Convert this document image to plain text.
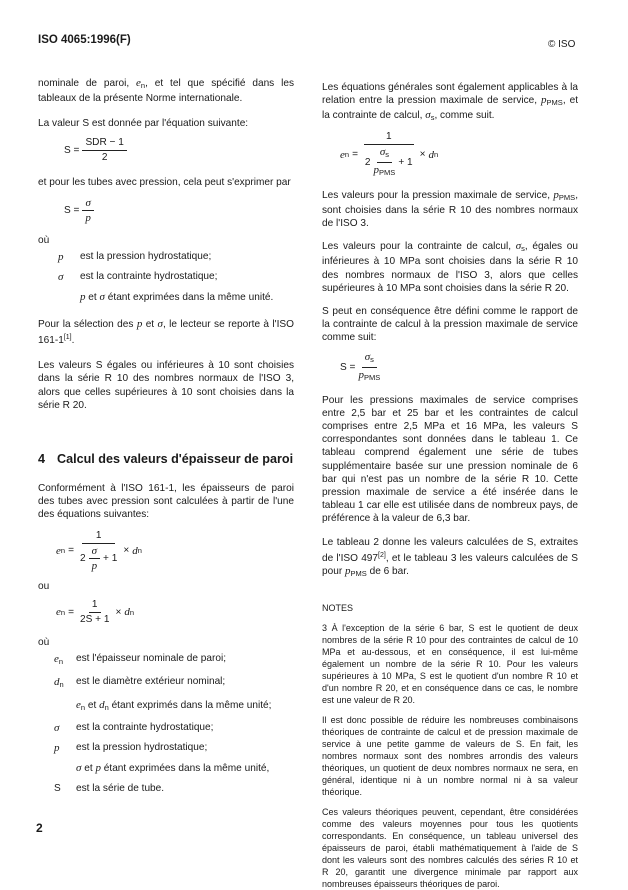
ISO 4065:1996(F)	© ISO

nominale de paroi, $e_n$, et tel que spécifié dans les tableaux de la présente Norme internationale.

La valeur S est donnée par l'équation suivante:

$S = \frac{\text{SDR − 1}}{2}$

et pour les tubes avec pression, cela peut s'exprimer par

$S = \frac{\sigma}{p}$
où
p	est la pression hydrostatique;
σ	est la contrainte hydrostatique;
p et σ étant exprimées dans la même unité.

Pour la sélection des p et σ, le lecteur se reporte à l'ISO 161-1[1].

Les valeurs S égales ou inférieures à 10 sont choisies dans la série R 10 des nombres normaux de l'ISO 3, alors que celles supérieures à 10 sont choisies dans la série R 20.

4 Calcul des valeurs d'épaisseur de paroi

Conformément à l'ISO 161-1, les épaisseurs de paroi des tubes avec pression sont calculées à partir de l'une des équations suivantes:

e $n = \frac{1}{2 \frac{\sigma}{p} + 1} \times d$ n
ou
e $n = \frac{1}{2S + 1} \times d$ n
où
$e_n$	est l'épaisseur nominale de paroi;
$d_n$	est le diamètre extérieur nominal;
$e_n$ et $d_n$ étant exprimés dans la même unité;
σ	est la contrainte hydrostatique;
p	est la pression hydrostatique;
σ et p étant exprimées dans la même unité,
S	est la série de tube.
2

Les équations générales sont également applicables à la relation entre la pression maximale de service, $p_{PMS}$, et la contrainte de calcul, $\sigma_s$, comme suit.

e $n = \frac{1}{2 \frac{\sigma_s}{p_{PMS}} + 1} \times d$ n

Les valeurs pour la pression maximale de service, $p_{PMS}$, sont choisies dans la série R 10 des nombres normaux de l'ISO 3.

Les valeurs pour la contrainte de calcul, $\sigma_s$, égales ou inférieures à 10 MPa sont choisies dans la série R 10 des nombres normaux de l'ISO 3, alors que celles supérieures à 10 MPa sont choisies dans la série R 20.

S peut en conséquence être défini comme le rapport de la contrainte de calcul à la pression maximale de service comme suit:

$S = \frac{\sigma_s}{p_{PMS}}$

Pour les pressions maximales de service comprises entre 2,5 bar et 25 bar et les contraintes de calcul comprises entre 2,5 MPa et 16 MPa, les valeurs S correspondantes sont données dans le tableau 1. Ce tableau comprend également une série de tubes supplémentaire basée sur une pression nominale de 6 bar qui n'est pas un nombre de la série R 10. Cette pression maximale de service a été insérée dans le tableau 1 car elle est utilisée dans de nombreux pays, de préférence à la valeur de 6,3 bar.

Le tableau 2 donne les valeurs calculées de S, extraites de l'ISO 497[2], et le tableau 3 les valeurs calculées de S pour $p_{PMS}$ de 6 bar.

NOTES

3 À l'exception de la série 6 bar, S est le quotient de deux nombres de la série R 10 pour des contraintes de calcul de 10 MPa et au-dessous, et en conséquence, il est lui-même également un nombre de la série R 10. Pour les valeurs supérieures à 10 MPa, S est le quotient d'un nombre R 10 et d'un nombre R 20, et en conséquence dans ce cas, le nombre est une valeur de R 20.

Il est donc possible de réduire les nombreuses combinaisons théoriques de contrainte de calcul et de pression maximale de service à une petite gamme de valeurs de S. En fait, les nombres normaux sont des nombres arrondis des valeurs théoriques, un quotient de deux nombres normaux ne sera, en général, identique ni à un nombre normal ni à sa valeur théorique.

Ces valeurs théoriques peuvent, cependant, être considérées comme des valeurs moyennes pour tous les quotients correspondants. En conséquence, un tableau universel des épaisseurs de paroi, établi mathématiquement à l'aide de S dont les valeurs sont des nombres calculés des séries R 10 et R 20, garantit une divergence minimale par rapport aux nombreuses épaisseurs théoriques de paroi.
